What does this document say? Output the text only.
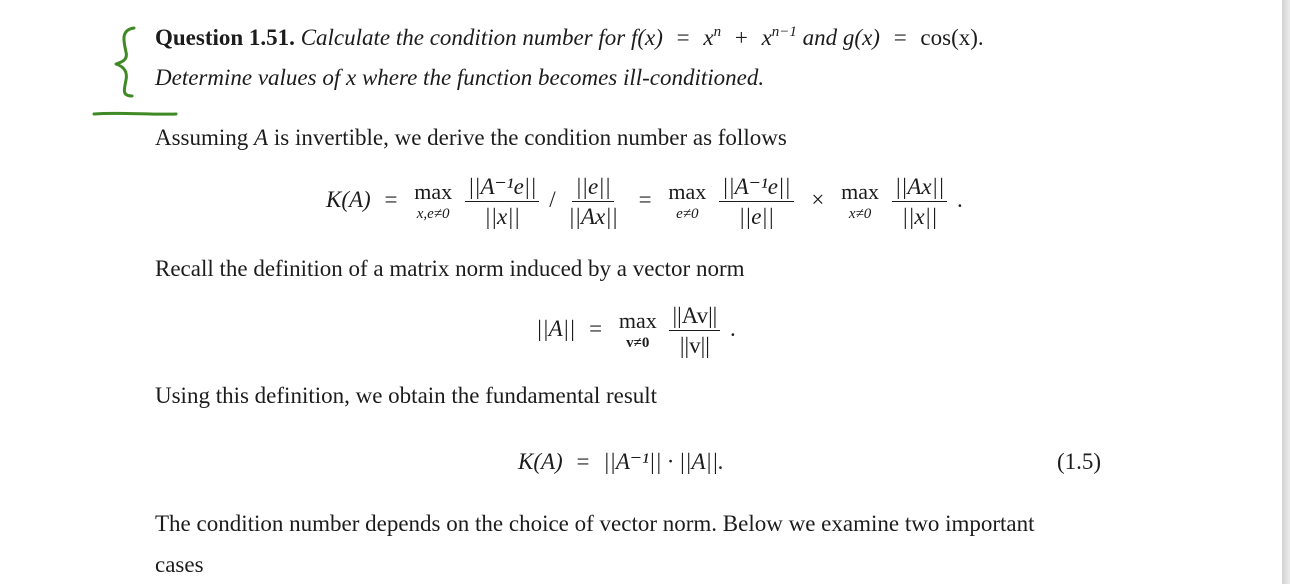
Question 1.51. Calculate the condition number for $f(x) = x^n + x^{n-1}$ and g(x) = cos(x).
Determine values of x where the function becomes ill-conditioned.
Assuming A is invertible, we derive the condition number as follows
K(A) = max
x,e≠0
$\frac{\text{||A⁻¹e||}}{||x||} / \frac{||e||}{||Ax||} = \max$
e≠0
$\frac{\text{||A⁻¹e||}}{||e||} \times \max$
x≠0
$\frac{||Ax||}{||x||}$ .
Recall the definition of a matrix norm induced by a vector norm
||A|| = max
v≠0
$\frac{||Av||}{||v||}$ .
Using this definition, we obtain the fundamental result
K(A) = ||A⁻¹|| · ||A||.	(1.5)
The condition number depends on the choice of vector norm. Below we examine two important
cases
